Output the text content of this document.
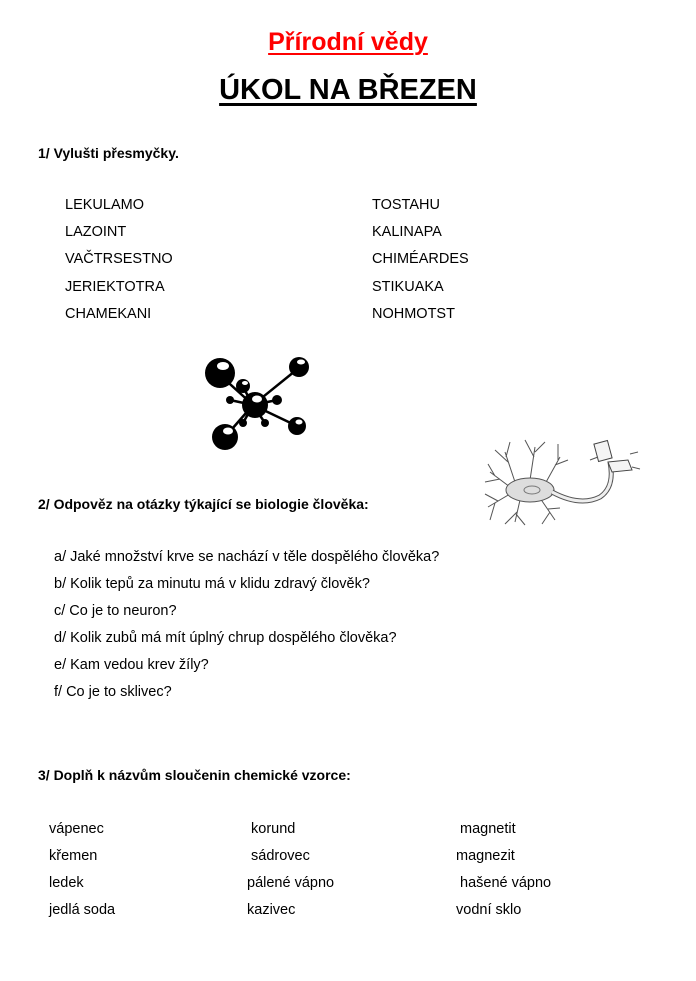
Přírodní vědy
ÚKOL NA BŘEZEN
1/ Vylušti přesmyčky.
LEKULAMO
LAZOINT
VAČTRSESTNO
JERIEKTOTRA
CHAMEKANI
TOSTAHU
KALINAPA
CHIMÉARDES
STIKUAKA
NOHMOTST
2/ Odpověz na otázky týkající se biologie člověka:
a/ Jaké množství krve se nachází v těle dospělého člověka?
b/ Kolik tepů za minutu má v klidu zdravý člověk?
c/ Co je to neuron?
d/ Kolik zubů má mít úplný chrup dospělého člověka?
e/ Kam vedou krev žíly?
f/ Co je to sklivec?
3/ Doplň k názvům sloučenin chemické vzorce:
vápenec
křemen
ledek
jedlá soda
korund
sádrovec
pálené vápno
kazivec
magnetit
magnezit
hašené vápno
vodní sklo
